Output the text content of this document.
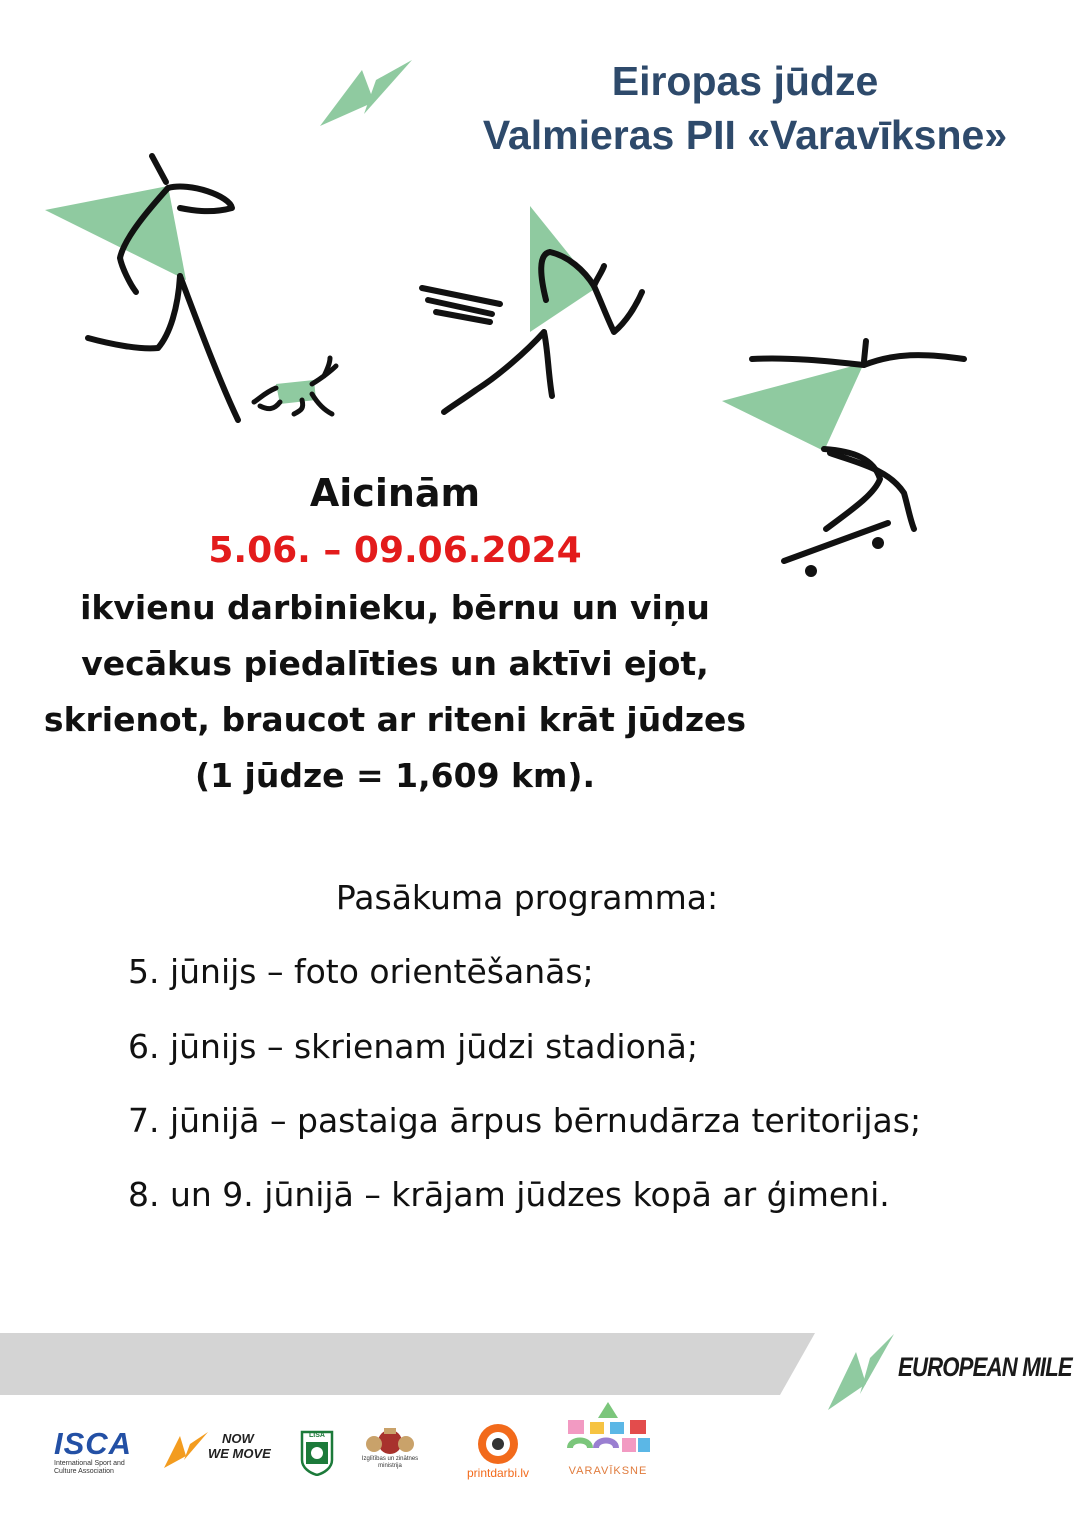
Eiropas jūdze
Valmieras PII «Varavīksne»
Aicinām
5.06. – 09.06.2024
ikvienu darbinieku, bērnu un viņu
vecākus piedalīties un aktīvi ejot,
skrienot, braucot ar riteni krāt jūdzes
(1 jūdze = 1,609 km).
Pasākuma programma:
5. jūnijs – foto orientēšanās;
6. jūnijs – skrienam jūdzi stadionā;
7. jūnijā – pastaiga ārpus bērnudārza teritorijas;
8. un 9. jūnijā – krājam jūdzes kopā ar ģimeni.
EUROPEAN MILE
ISCA
International Sport and
Culture Association
NOW
WE MOVE
LISA
Izglītības un zinātnes
ministrija	printdarbi.lv	VARAVĪKSNE
